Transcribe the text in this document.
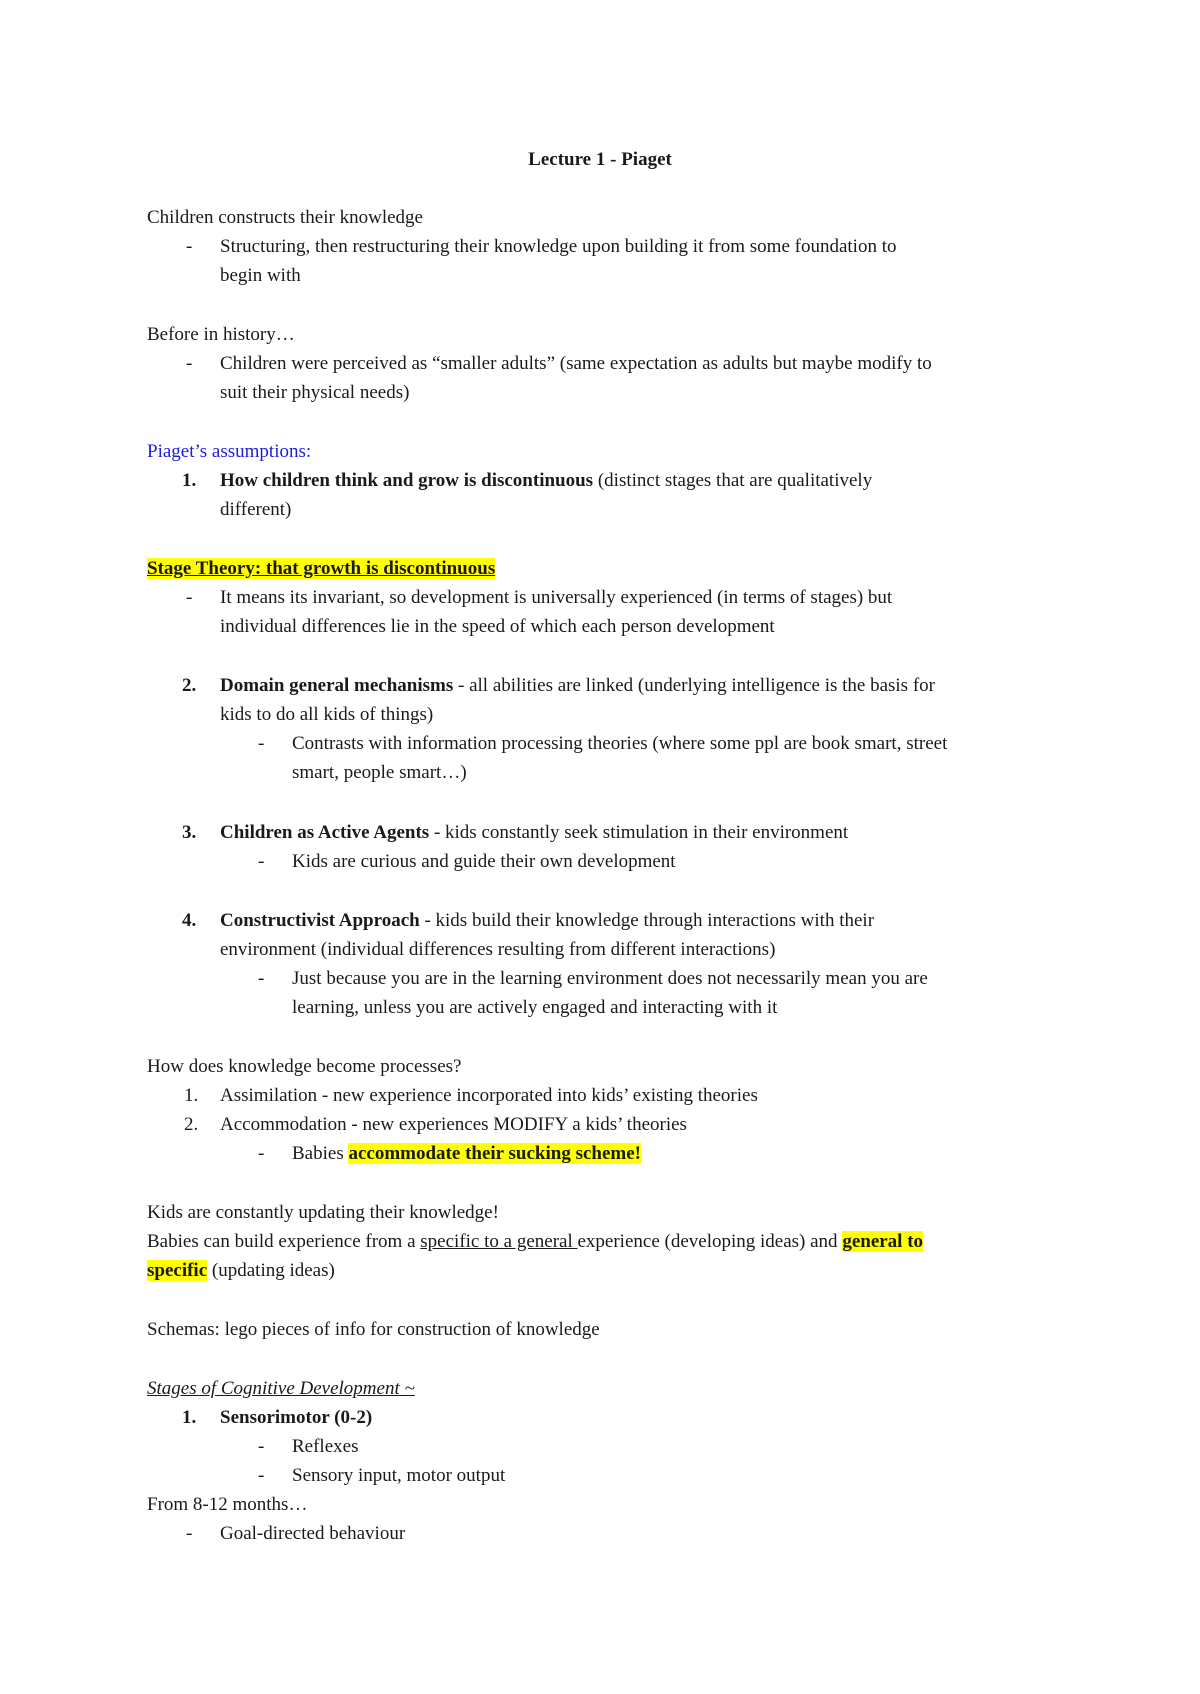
Lecture 1 - Piaget
Children constructs their knowledge
- Structuring, then restructuring their knowledge upon building it from some foundation to
begin with
Before in history…
- Children were perceived as “smaller adults” (same expectation as adults but maybe modify to
suit their physical needs)
Piaget’s assumptions:
1. How children think and grow is discontinuous (distinct stages that are qualitatively
different)
Stage Theory: that growth is discontinuous
- It means its invariant, so development is universally experienced (in terms of stages) but
individual differences lie in the speed of which each person development
2. Domain general mechanisms - all abilities are linked (underlying intelligence is the basis for
kids to do all kids of things)
- Contrasts with information processing theories (where some ppl are book smart, street
smart, people smart…)
3. Children as Active Agents - kids constantly seek stimulation in their environment
- Kids are curious and guide their own development
4. Constructivist Approach - kids build their knowledge through interactions with their
environment (individual differences resulting from different interactions)
- Just because you are in the learning environment does not necessarily mean you are
learning, unless you are actively engaged and interacting with it
How does knowledge become processes?
1. Assimilation - new experience incorporated into kids’ existing theories
2. Accommodation - new experiences MODIFY a kids’ theories
- Babies accommodate their sucking scheme!
Kids are constantly updating their knowledge!
Babies can build experience from a specific to a general experience (developing ideas) and general to
specific (updating ideas)
Schemas: lego pieces of info for construction of knowledge
Stages of Cognitive Development ~
1. Sensorimotor (0-2)
- Reflexes
- Sensory input, motor output
From 8-12 months…
- Goal-directed behaviour
